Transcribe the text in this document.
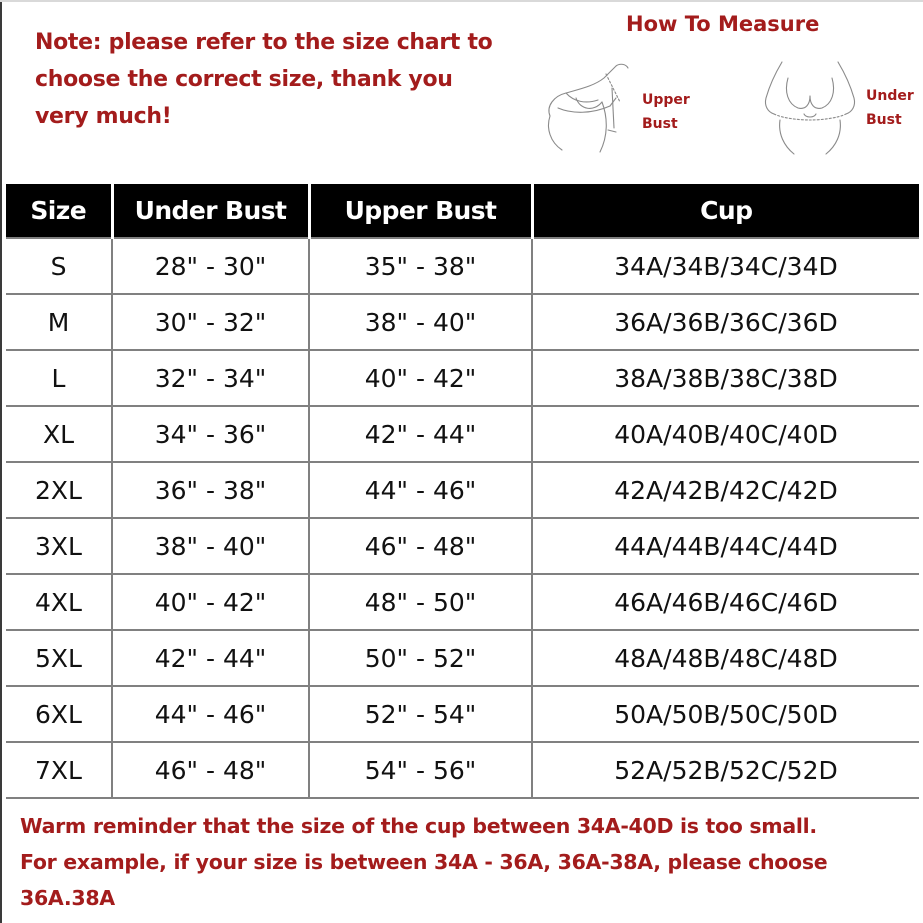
Note: please refer to the size chart to
choose the correct size, thank you
very much!
How To Measure
Upper
Bust
Under
Bust
Size	Under Bust	Upper Bust	Cup
S	28" - 30"	35" - 38"	34A/34B/34C/34D
M	30" - 32"	38" - 40"	36A/36B/36C/36D
L	32" - 34"	40" - 42"	38A/38B/38C/38D
XL	34" - 36"	42" - 44"	40A/40B/40C/40D
2XL	36" - 38"	44" - 46"	42A/42B/42C/42D
3XL	38" - 40"	46" - 48"	44A/44B/44C/44D
4XL	40" - 42"	48" - 50"	46A/46B/46C/46D
5XL	42" - 44"	50" - 52"	48A/48B/48C/48D
6XL	44" - 46"	52" - 54"	50A/50B/50C/50D
7XL	46" - 48"	54" - 56"	52A/52B/52C/52D
Warm reminder that the size of the cup between 34A-40D is too small.
For example, if your size is between 34A - 36A, 36A-38A, please choose
36A.38A
